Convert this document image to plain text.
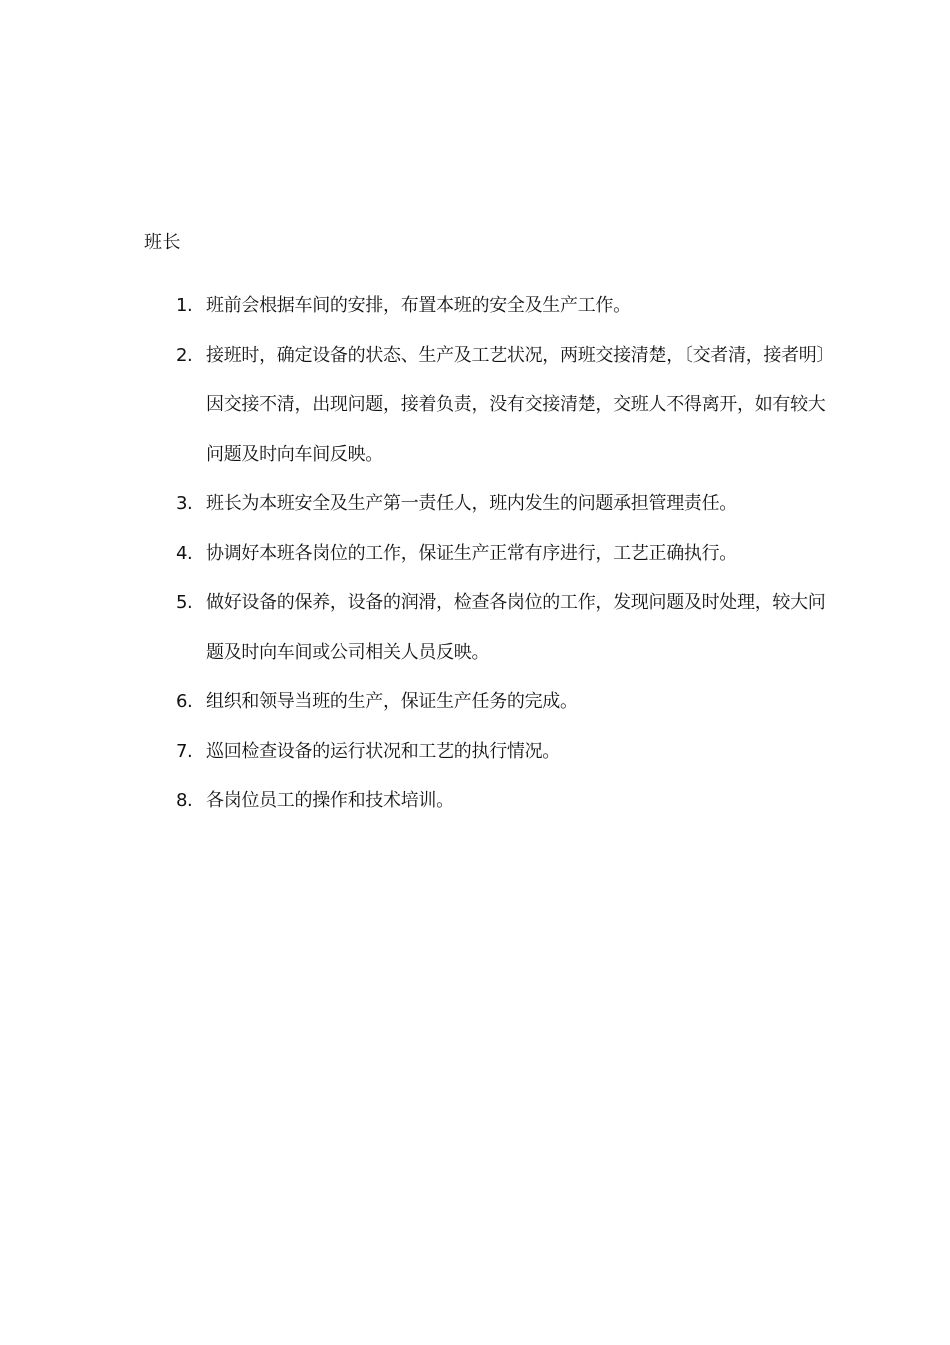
班长
1. 班前会根据车间的安排，布置本班的安全及生产工作。
2. 接班时，确定设备的状态、生产及工艺状况，两班交接清楚，〔交者清，接者明〕因交接不清，出现问题，接着负责，没有交接清楚，交班人不得离开，如有较大问题及时向车间反映。
3. 班长为本班安全及生产第一责任人，班内发生的问题承担管理责任。
4. 协调好本班各岗位的工作，保证生产正常有序进行，工艺正确执行。
5. 做好设备的保养，设备的润滑，检查各岗位的工作，发现问题及时处理，较大问题及时向车间或公司相关人员反映。
6. 组织和领导当班的生产，保证生产任务的完成。
7. 巡回检查设备的运行状况和工艺的执行情况。
8. 各岗位员工的操作和技术培训。
